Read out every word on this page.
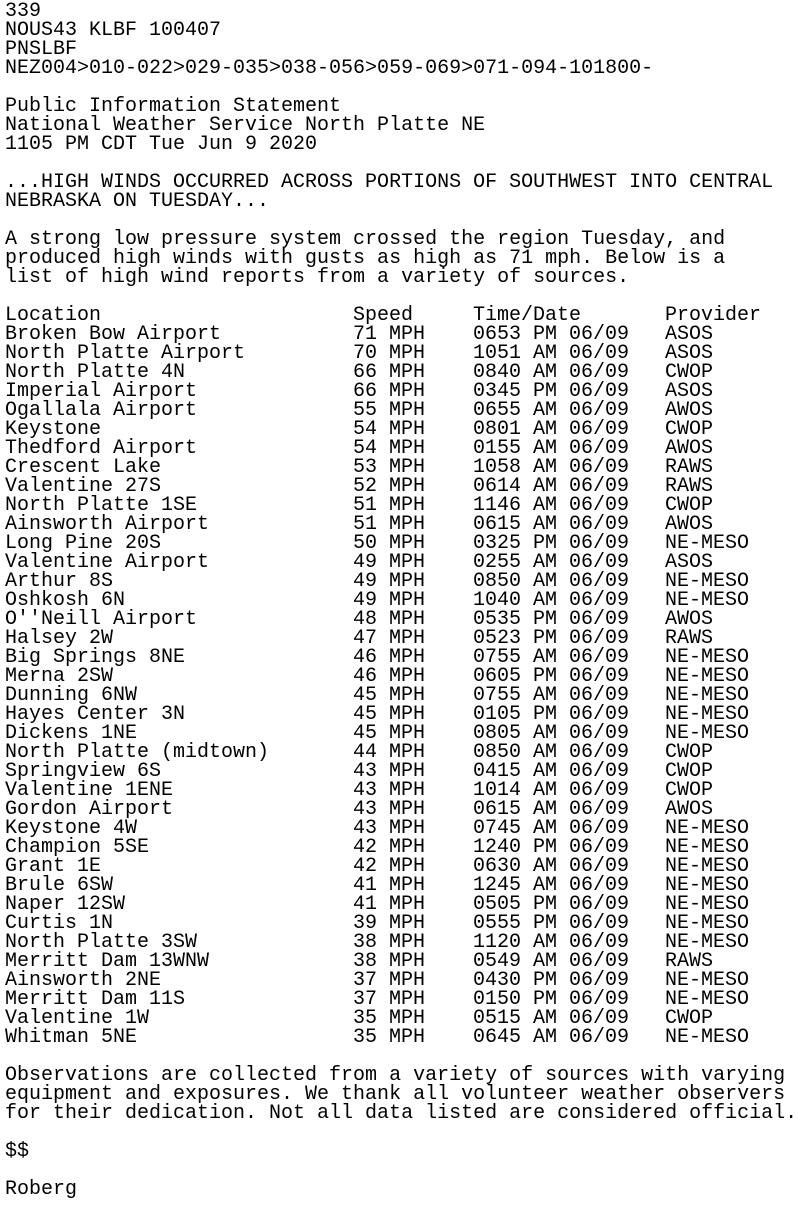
339
NOUS43 KLBF 100407
PNSLBF
NEZ004>010-022>029-035>038-056>059-069>071-094-101800-
Public Information Statement
National Weather Service North Platte NE
1105 PM CDT Tue Jun 9 2020
...HIGH WINDS OCCURRED ACROSS PORTIONS OF SOUTHWEST INTO CENTRAL
NEBRASKA ON TUESDAY...
A strong low pressure system crossed the region Tuesday, and
produced high winds with gusts as high as 71 mph. Below is a
list of high wind reports from a variety of sources.
Location	Speed	Time/Date	Provider
Broken Bow Airport	71 MPH 0653 PM 06/09 ASOS
North Platte Airport	70 MPH 1051 AM 06/09 ASOS
North Platte 4N	66 MPH 0840 AM 06/09 CWOP
Imperial Airport	66 MPH 0345 PM 06/09 ASOS
Ogallala Airport	55 MPH 0655 AM 06/09 AWOS
Keystone	54 MPH 0801 AM 06/09 CWOP
Thedford Airport	54 MPH 0155 AM 06/09 AWOS
Crescent Lake	53 MPH 1058 AM 06/09 RAWS
Valentine 27S	52 MPH 0614 AM 06/09 RAWS
North Platte 1SE	51 MPH 1146 AM 06/09 CWOP
Ainsworth Airport	51 MPH 0615 AM 06/09 AWOS
Long Pine 20S	50 MPH 0325 PM 06/09 NE-MESO
Valentine Airport	49 MPH 0255 AM 06/09 ASOS
Arthur 8S	49 MPH 0850 AM 06/09 NE-MESO
Oshkosh 6N	49 MPH 1040 AM 06/09 NE-MESO
O''Neill Airport	48 MPH 0535 PM 06/09 AWOS
Halsey 2W	47 MPH 0523 PM 06/09 RAWS
Big Springs 8NE	46 MPH 0755 AM 06/09 NE-MESO
Merna 2SW	46 MPH 0605 PM 06/09 NE-MESO
Dunning 6NW	45 MPH 0755 AM 06/09 NE-MESO
Hayes Center 3N	45 MPH 0105 PM 06/09 NE-MESO
Dickens 1NE	45 MPH 0805 AM 06/09 NE-MESO
North Platte (midtown)	44 MPH 0850 AM 06/09 CWOP
Springview 6S	43 MPH 0415 AM 06/09 CWOP
Valentine 1ENE	43 MPH 1014 AM 06/09 CWOP
Gordon Airport	43 MPH 0615 AM 06/09 AWOS
Keystone 4W	43 MPH 0745 AM 06/09 NE-MESO
Champion 5SE	42 MPH 1240 PM 06/09 NE-MESO
Grant 1E	42 MPH 0630 AM 06/09 NE-MESO
Brule 6SW	41 MPH 1245 AM 06/09 NE-MESO
Naper 12SW	41 MPH 0505 PM 06/09 NE-MESO
Curtis 1N	39 MPH 0555 PM 06/09 NE-MESO
North Platte 3SW	38 MPH 1120 AM 06/09 NE-MESO
Merritt Dam 13WNW	38 MPH 0549 AM 06/09 RAWS
Ainsworth 2NE	37 MPH 0430 PM 06/09 NE-MESO
Merritt Dam 11S	37 MPH 0150 PM 06/09 NE-MESO
Valentine 1W	35 MPH 0515 AM 06/09 CWOP
Whitman 5NE	35 MPH 0645 AM 06/09 NE-MESO
Observations are collected from a variety of sources with varying
equipment and exposures. We thank all volunteer weather observers
for their dedication. Not all data listed are considered official.
$$
Roberg
